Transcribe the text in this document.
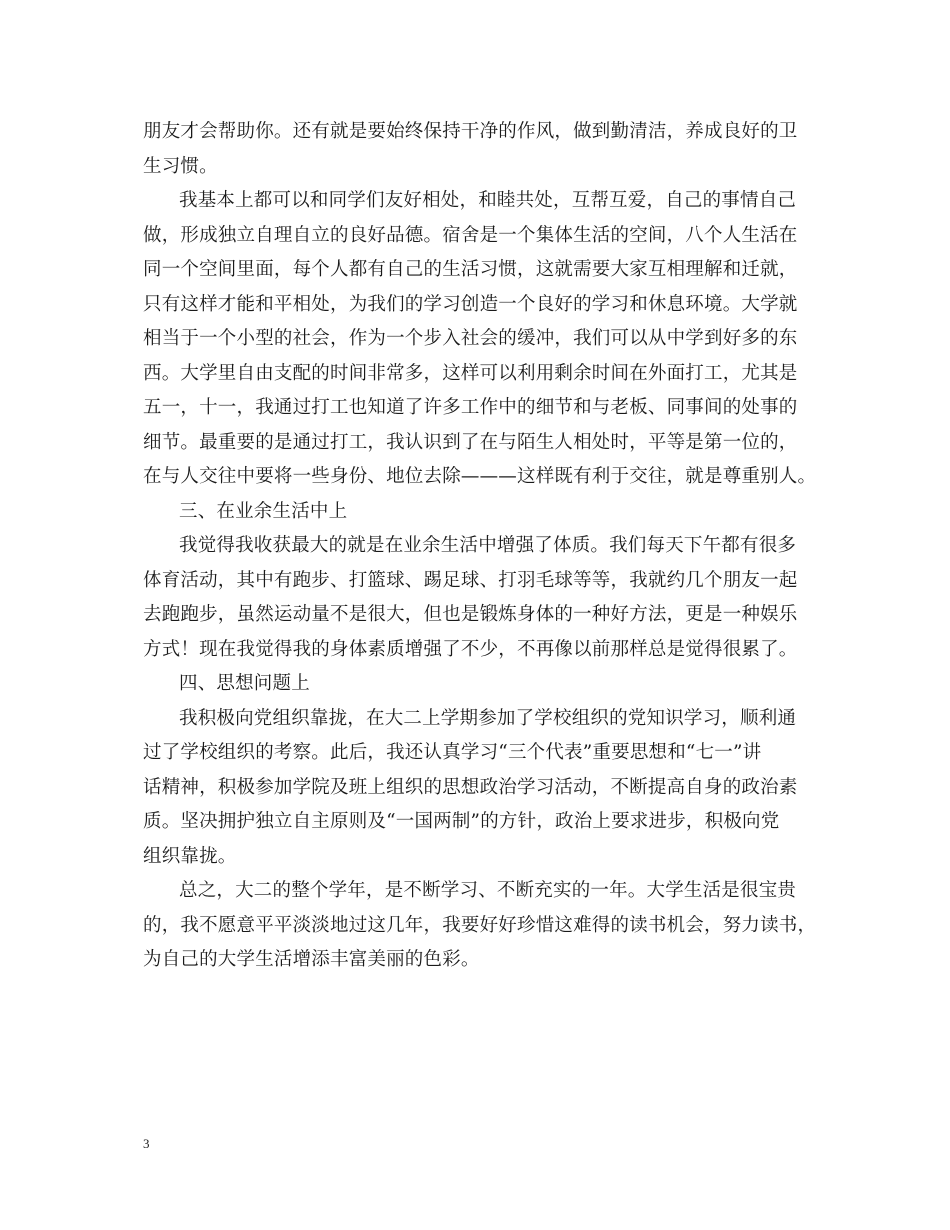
朋友才会帮助你。还有就是要始终保持干净的作风，做到勤清洁，养成良好的卫
生习惯。
我基本上都可以和同学们友好相处，和睦共处，互帮互爱，自己的事情自己
做，形成独立自理自立的良好品德。宿舍是一个集体生活的空间，八个人生活在
同一个空间里面，每个人都有自己的生活习惯，这就需要大家互相理解和迁就，
只有这样才能和平相处，为我们的学习创造一个良好的学习和休息环境。大学就
相当于一个小型的社会，作为一个步入社会的缓冲，我们可以从中学到好多的东
西。大学里自由支配的时间非常多，这样可以利用剩余时间在外面打工，尤其是
五一，十一，我通过打工也知道了许多工作中的细节和与老板、同事间的处事的
细节。最重要的是通过打工，我认识到了在与陌生人相处时，平等是第一位的，
在与人交往中要将一些身份、地位去除———这样既有利于交往，就是尊重别人。
三、在业余生活中上
我觉得我收获最大的就是在业余生活中增强了体质。我们每天下午都有很多
体育活动，其中有跑步、打篮球、踢足球、打羽毛球等等，我就约几个朋友一起
去跑跑步，虽然运动量不是很大，但也是锻炼身体的一种好方法，更是一种娱乐
方式！现在我觉得我的身体素质增强了不少，不再像以前那样总是觉得很累了。
四、思想问题上
我积极向党组织靠拢，在大二上学期参加了学校组织的党知识学习，顺利通
过了学校组织的考察。此后，我还认真学习“三个代表”重要思想和“七一”讲
话精神，积极参加学院及班上组织的思想政治学习活动，不断提高自身的政治素
质。坚决拥护独立自主原则及“一国两制”的方针，政治上要求进步，积极向党
组织靠拢。
总之，大二的整个学年，是不断学习、不断充实的一年。大学生活是很宝贵
的，我不愿意平平淡淡地过这几年，我要好好珍惜这难得的读书机会，努力读书，
为自己的大学生活增添丰富美丽的色彩。
3
